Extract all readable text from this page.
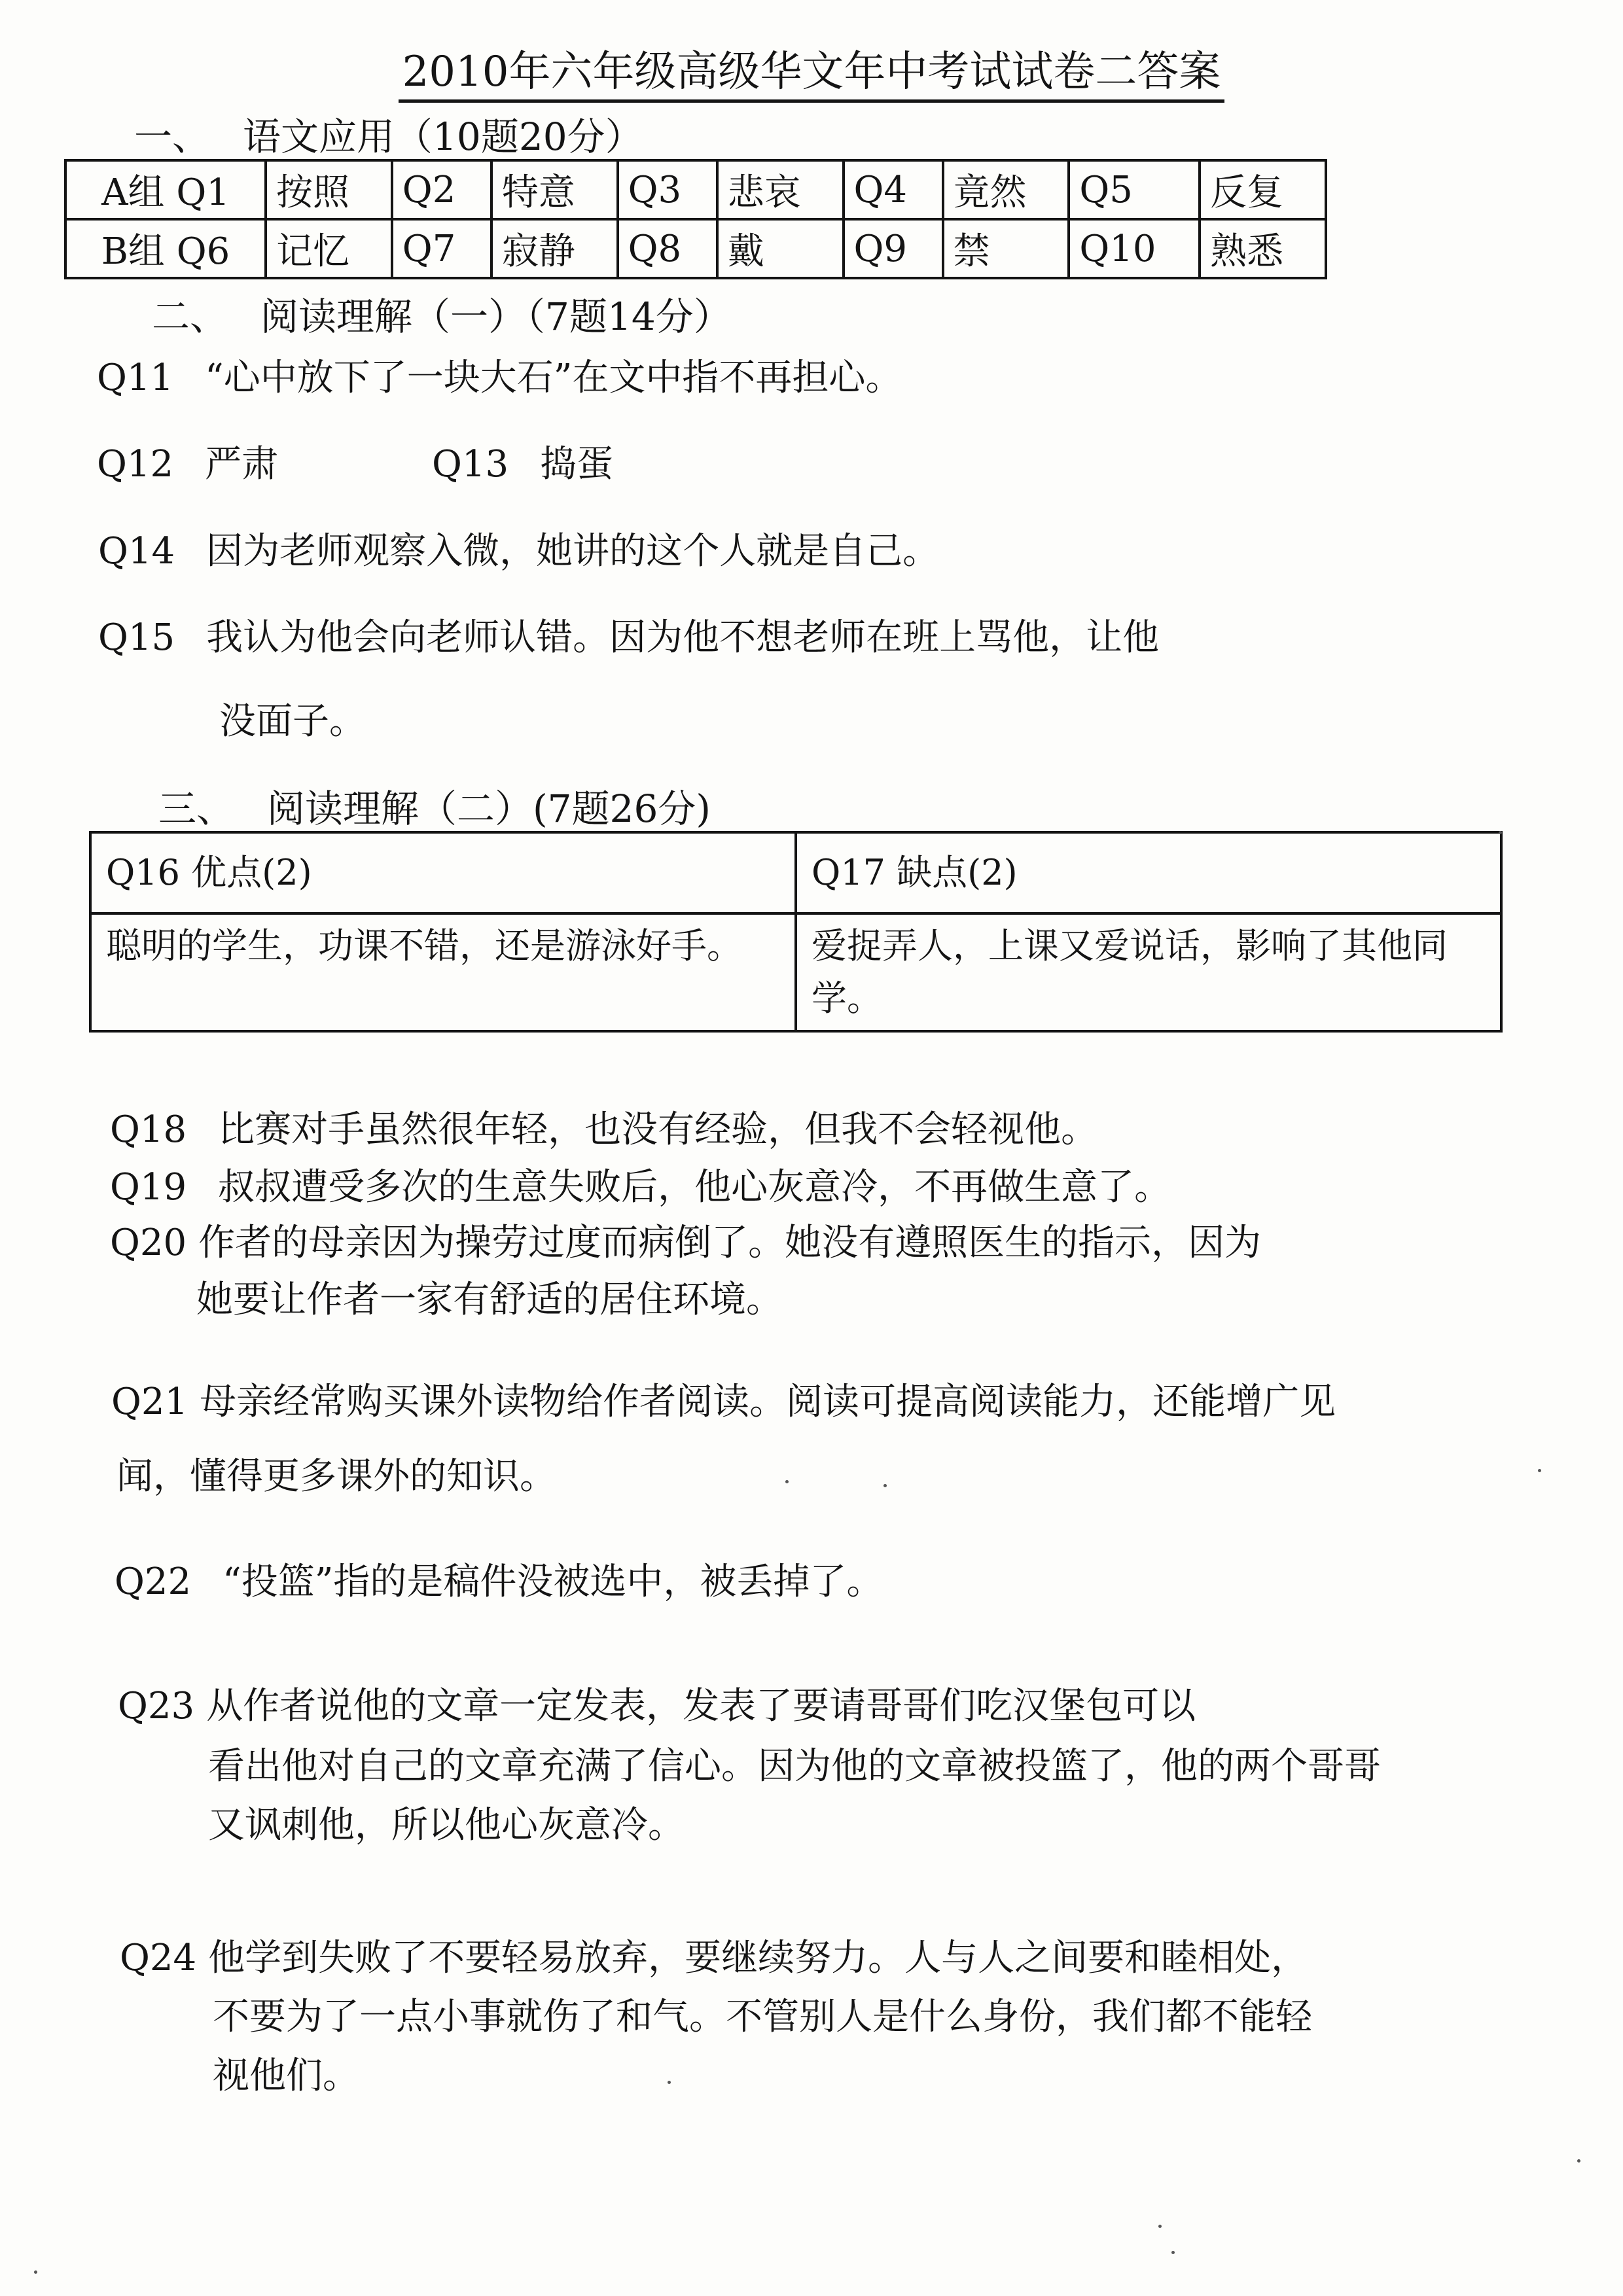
2010年六年级高级华文年中考试试卷二答案
一、 语文应用（10题20分）
A组 Q1	按照	Q2	特意	Q3	悲哀	Q4	竟然	Q5	反复
B组 Q6	记忆	Q7	寂静	Q8	戴	Q9	禁	Q10	熟悉
二、 阅读理解（一）（7题14分）
Q11 “心中放下了一块大石”在文中指不再担心。
Q12 严肃	Q13 捣蛋
Q14 因为老师观察入微，她讲的这个人就是自己。
Q15 我认为他会向老师认错。因为他不想老师在班上骂他，让他
没面子。
三、 阅读理解（二）(7题26分)
Q16 优点(2)	Q17 缺点(2)
聪明的学生，功课不错，还是游泳好手。	爱捉弄人，上课又爱说话，影响了其他同学。
Q18 比赛对手虽然很年轻，也没有经验，但我不会轻视他。
Q19 叔叔遭受多次的生意失败后，他心灰意冷，不再做生意了。
Q20 作者的母亲因为操劳过度而病倒了。她没有遵照医生的指示，因为
她要让作者一家有舒适的居住环境。
Q21 母亲经常购买课外读物给作者阅读。阅读可提高阅读能力，还能增广见
闻，懂得更多课外的知识。
Q22 “投篮”指的是稿件没被选中，被丢掉了。
Q23 从作者说他的文章一定发表，发表了要请哥哥们吃汉堡包可以
看出他对自己的文章充满了信心。因为他的文章被投篮了，他的两个哥哥
又讽刺他，所以他心灰意冷。
Q24 他学到失败了不要轻易放弃，要继续努力。人与人之间要和睦相处，
不要为了一点小事就伤了和气。不管别人是什么身份，我们都不能轻
视他们。
